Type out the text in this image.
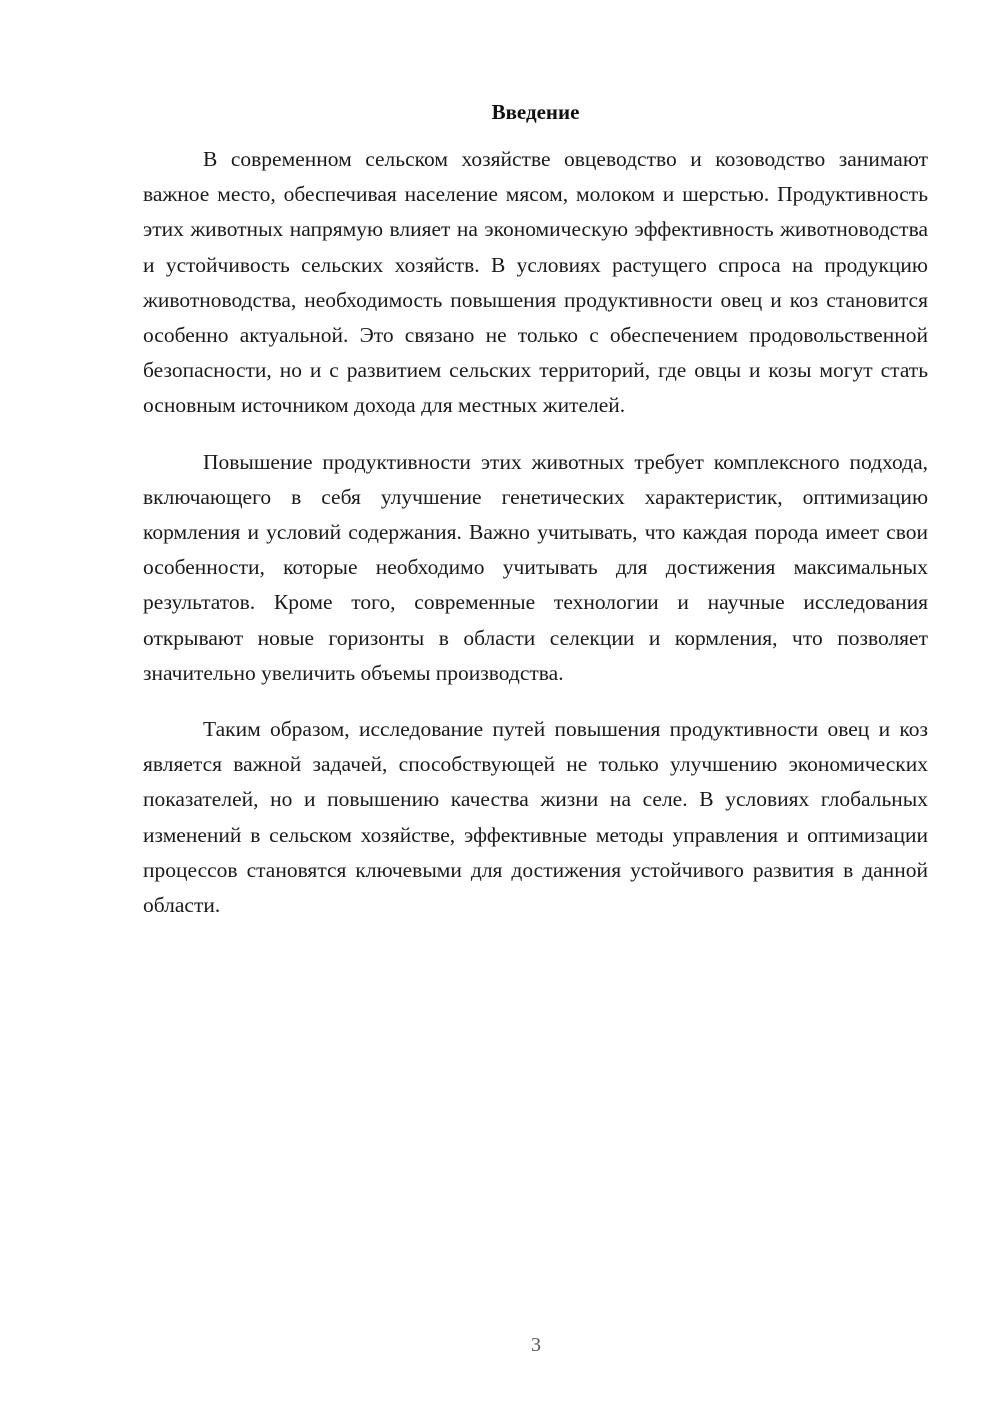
Введение

В современном сельском хозяйстве овцеводство и козоводство занимают важное место, обеспечивая население мясом, молоком и шерстью. Продуктивность этих животных напрямую влияет на экономическую эффективность животноводства и устойчивость сельских хозяйств. В условиях растущего спроса на продукцию животноводства, необходимость повышения продуктивности овец и коз становится особенно актуальной. Это связано не только с обеспечением продовольственной безопасности, но и с развитием сельских территорий, где овцы и козы могут стать основным источником дохода для местных жителей.

Повышение продуктивности этих животных требует комплексного подхода, включающего в себя улучшение генетических характеристик, оптимизацию кормления и условий содержания. Важно учитывать, что каждая порода имеет свои особенности, которые необходимо учитывать для достижения максимальных результатов. Кроме того, современные технологии и научные исследования открывают новые горизонты в области селекции и кормления, что позволяет значительно увеличить объемы производства.

Таким образом, исследование путей повышения продуктивности овец и коз является важной задачей, способствующей не только улучшению экономических показателей, но и повышению качества жизни на селе. В условиях глобальных изменений в сельском хозяйстве, эффективные методы управления и оптимизации процессов становятся ключевыми для достижения устойчивого развития в данной области.

3
